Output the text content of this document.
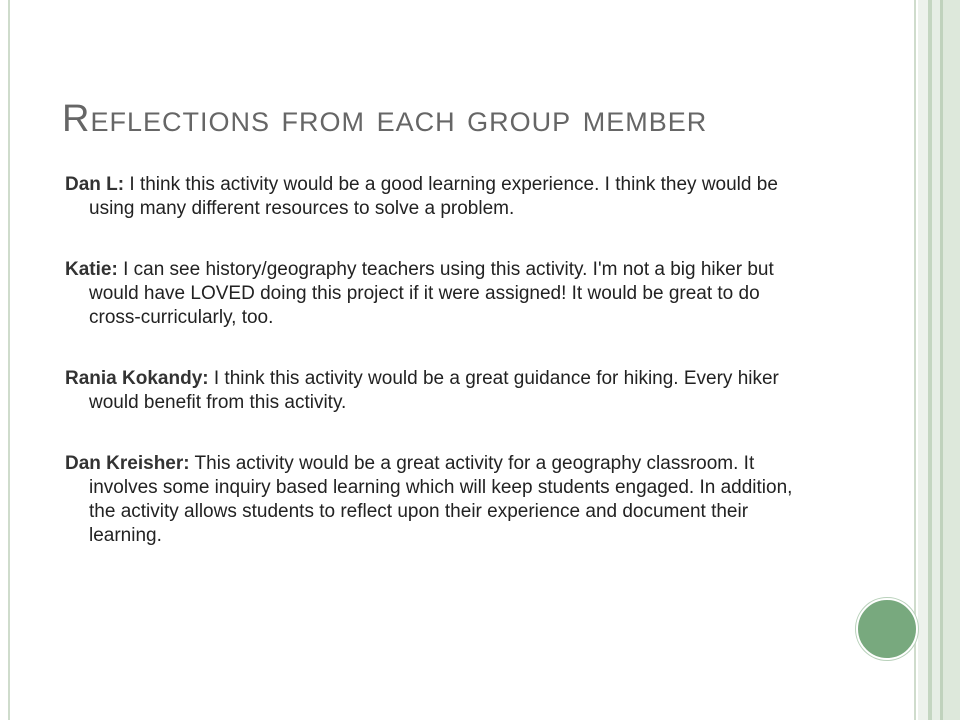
Reflections from each group member

Dan L: I think this activity would be a good learning experience. I think they would be using many different resources to solve a problem.

Katie: I can see history/geography teachers using this activity. I'm not a big hiker but would have LOVED doing this project if it were assigned! It would be great to do cross-curricularly, too.

Rania Kokandy: I think this activity would be a great guidance for hiking. Every hiker would benefit from this activity.

Dan Kreisher: This activity would be a great activity for a geography classroom. It involves some inquiry based learning which will keep students engaged. In addition, the activity allows students to reflect upon their experience and document their learning.
